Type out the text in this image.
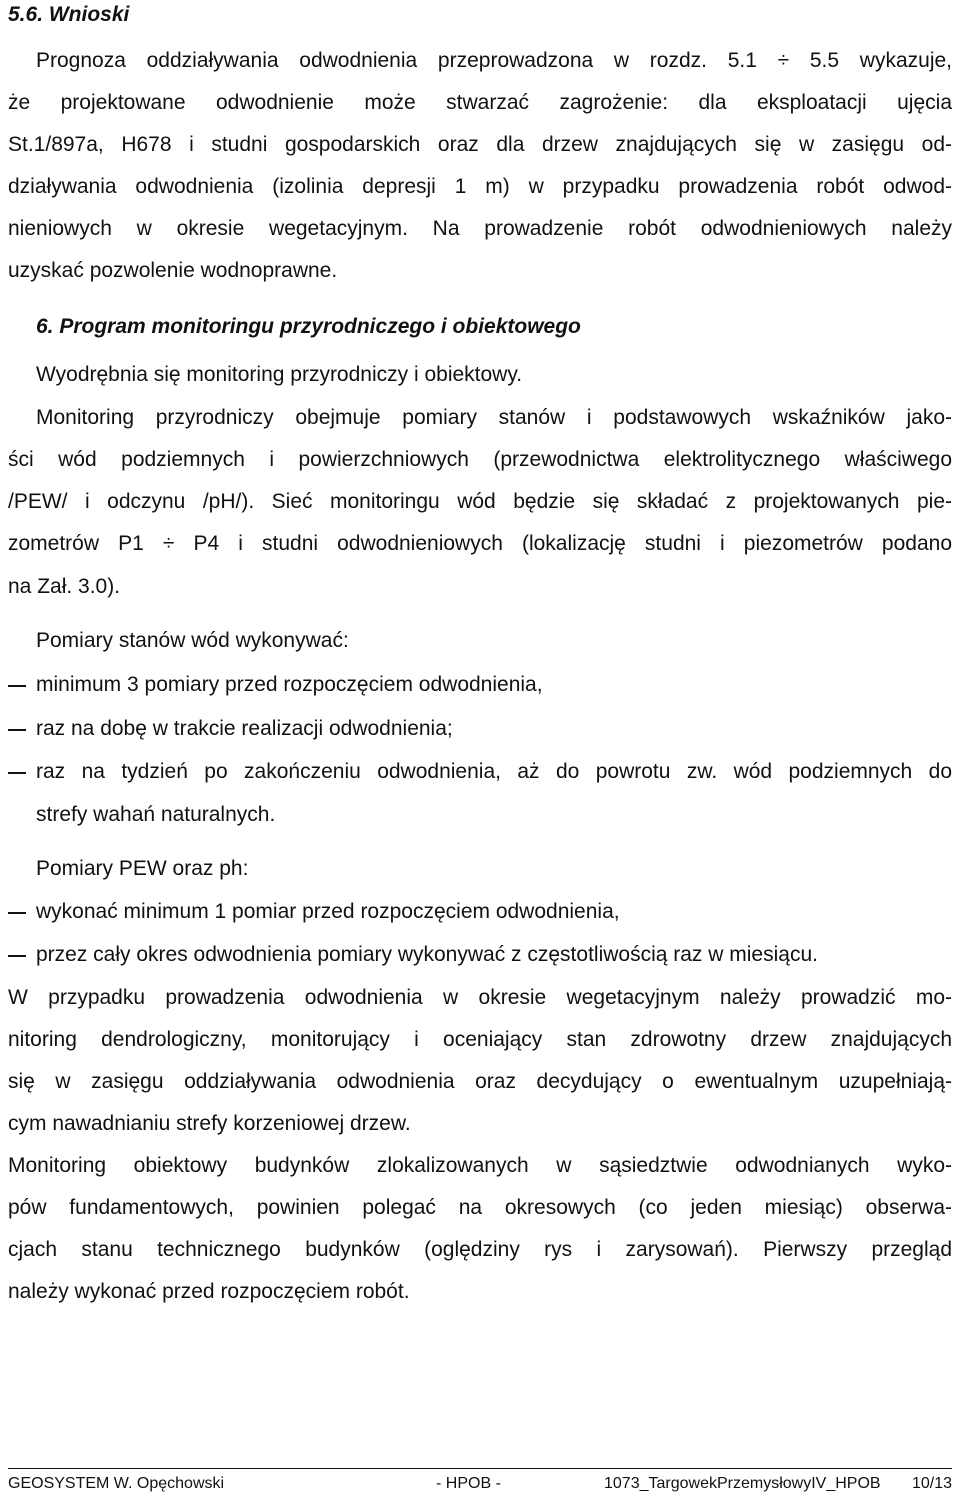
5.6. Wnioski
Prognoza oddziaływania odwodnienia przeprowadzona w rozdz. 5.1 ÷ 5.5 wykazuje,
że projektowane odwodnienie może stwarzać zagrożenie: dla eksploatacji ujęcia
St.1/897a, H678 i studni gospodarskich oraz dla drzew znajdujących się w zasięgu od-
działywania odwodnienia (izolinia depresji 1 m) w przypadku prowadzenia robót odwod-
nieniowych w okresie wegetacyjnym. Na prowadzenie robót odwodnieniowych należy
uzyskać pozwolenie wodnoprawne.
6. Program monitoringu przyrodniczego i obiektowego
Wyodrębnia się monitoring przyrodniczy i obiektowy.
Monitoring przyrodniczy obejmuje pomiary stanów i podstawowych wskaźników jako-
ści wód podziemnych i powierzchniowych (przewodnictwa elektrolitycznego właściwego
/PEW/ i odczynu /pH/). Sieć monitoringu wód będzie się składać z projektowanych pie-
zometrów P1 ÷ P4 i studni odwodnieniowych (lokalizację studni i piezometrów podano
na Zał. 3.0).
Pomiary stanów wód wykonywać:
minimum 3 pomiary przed rozpoczęciem odwodnienia,
raz na dobę w trakcie realizacji odwodnienia;
raz na tydzień po zakończeniu odwodnienia, aż do powrotu zw. wód podziemnych do
strefy wahań naturalnych.
Pomiary PEW oraz ph:
wykonać minimum 1 pomiar przed rozpoczęciem odwodnienia,
przez cały okres odwodnienia pomiary wykonywać z częstotliwością raz w miesiącu.
W przypadku prowadzenia odwodnienia w okresie wegetacyjnym należy prowadzić mo-
nitoring dendrologiczny, monitorujący i oceniający stan zdrowotny drzew znajdujących
się w zasięgu oddziaływania odwodnienia oraz decydujący o ewentualnym uzupełniają-
cym nawadnianiu strefy korzeniowej drzew.
Monitoring obiektowy budynków zlokalizowanych w sąsiedztwie odwodnianych wyko-
pów fundamentowych, powinien polegać na okresowych (co jeden miesiąc) obserwa-
cjach stanu technicznego budynków (oględziny rys i zarysowań). Pierwszy przegląd
należy wykonać przed rozpoczęciem robót.
GEOSYSTEM W. Opęchowski	- HPOB -	1073_TargowekPrzemysłowyIV_HPOB 10/13
